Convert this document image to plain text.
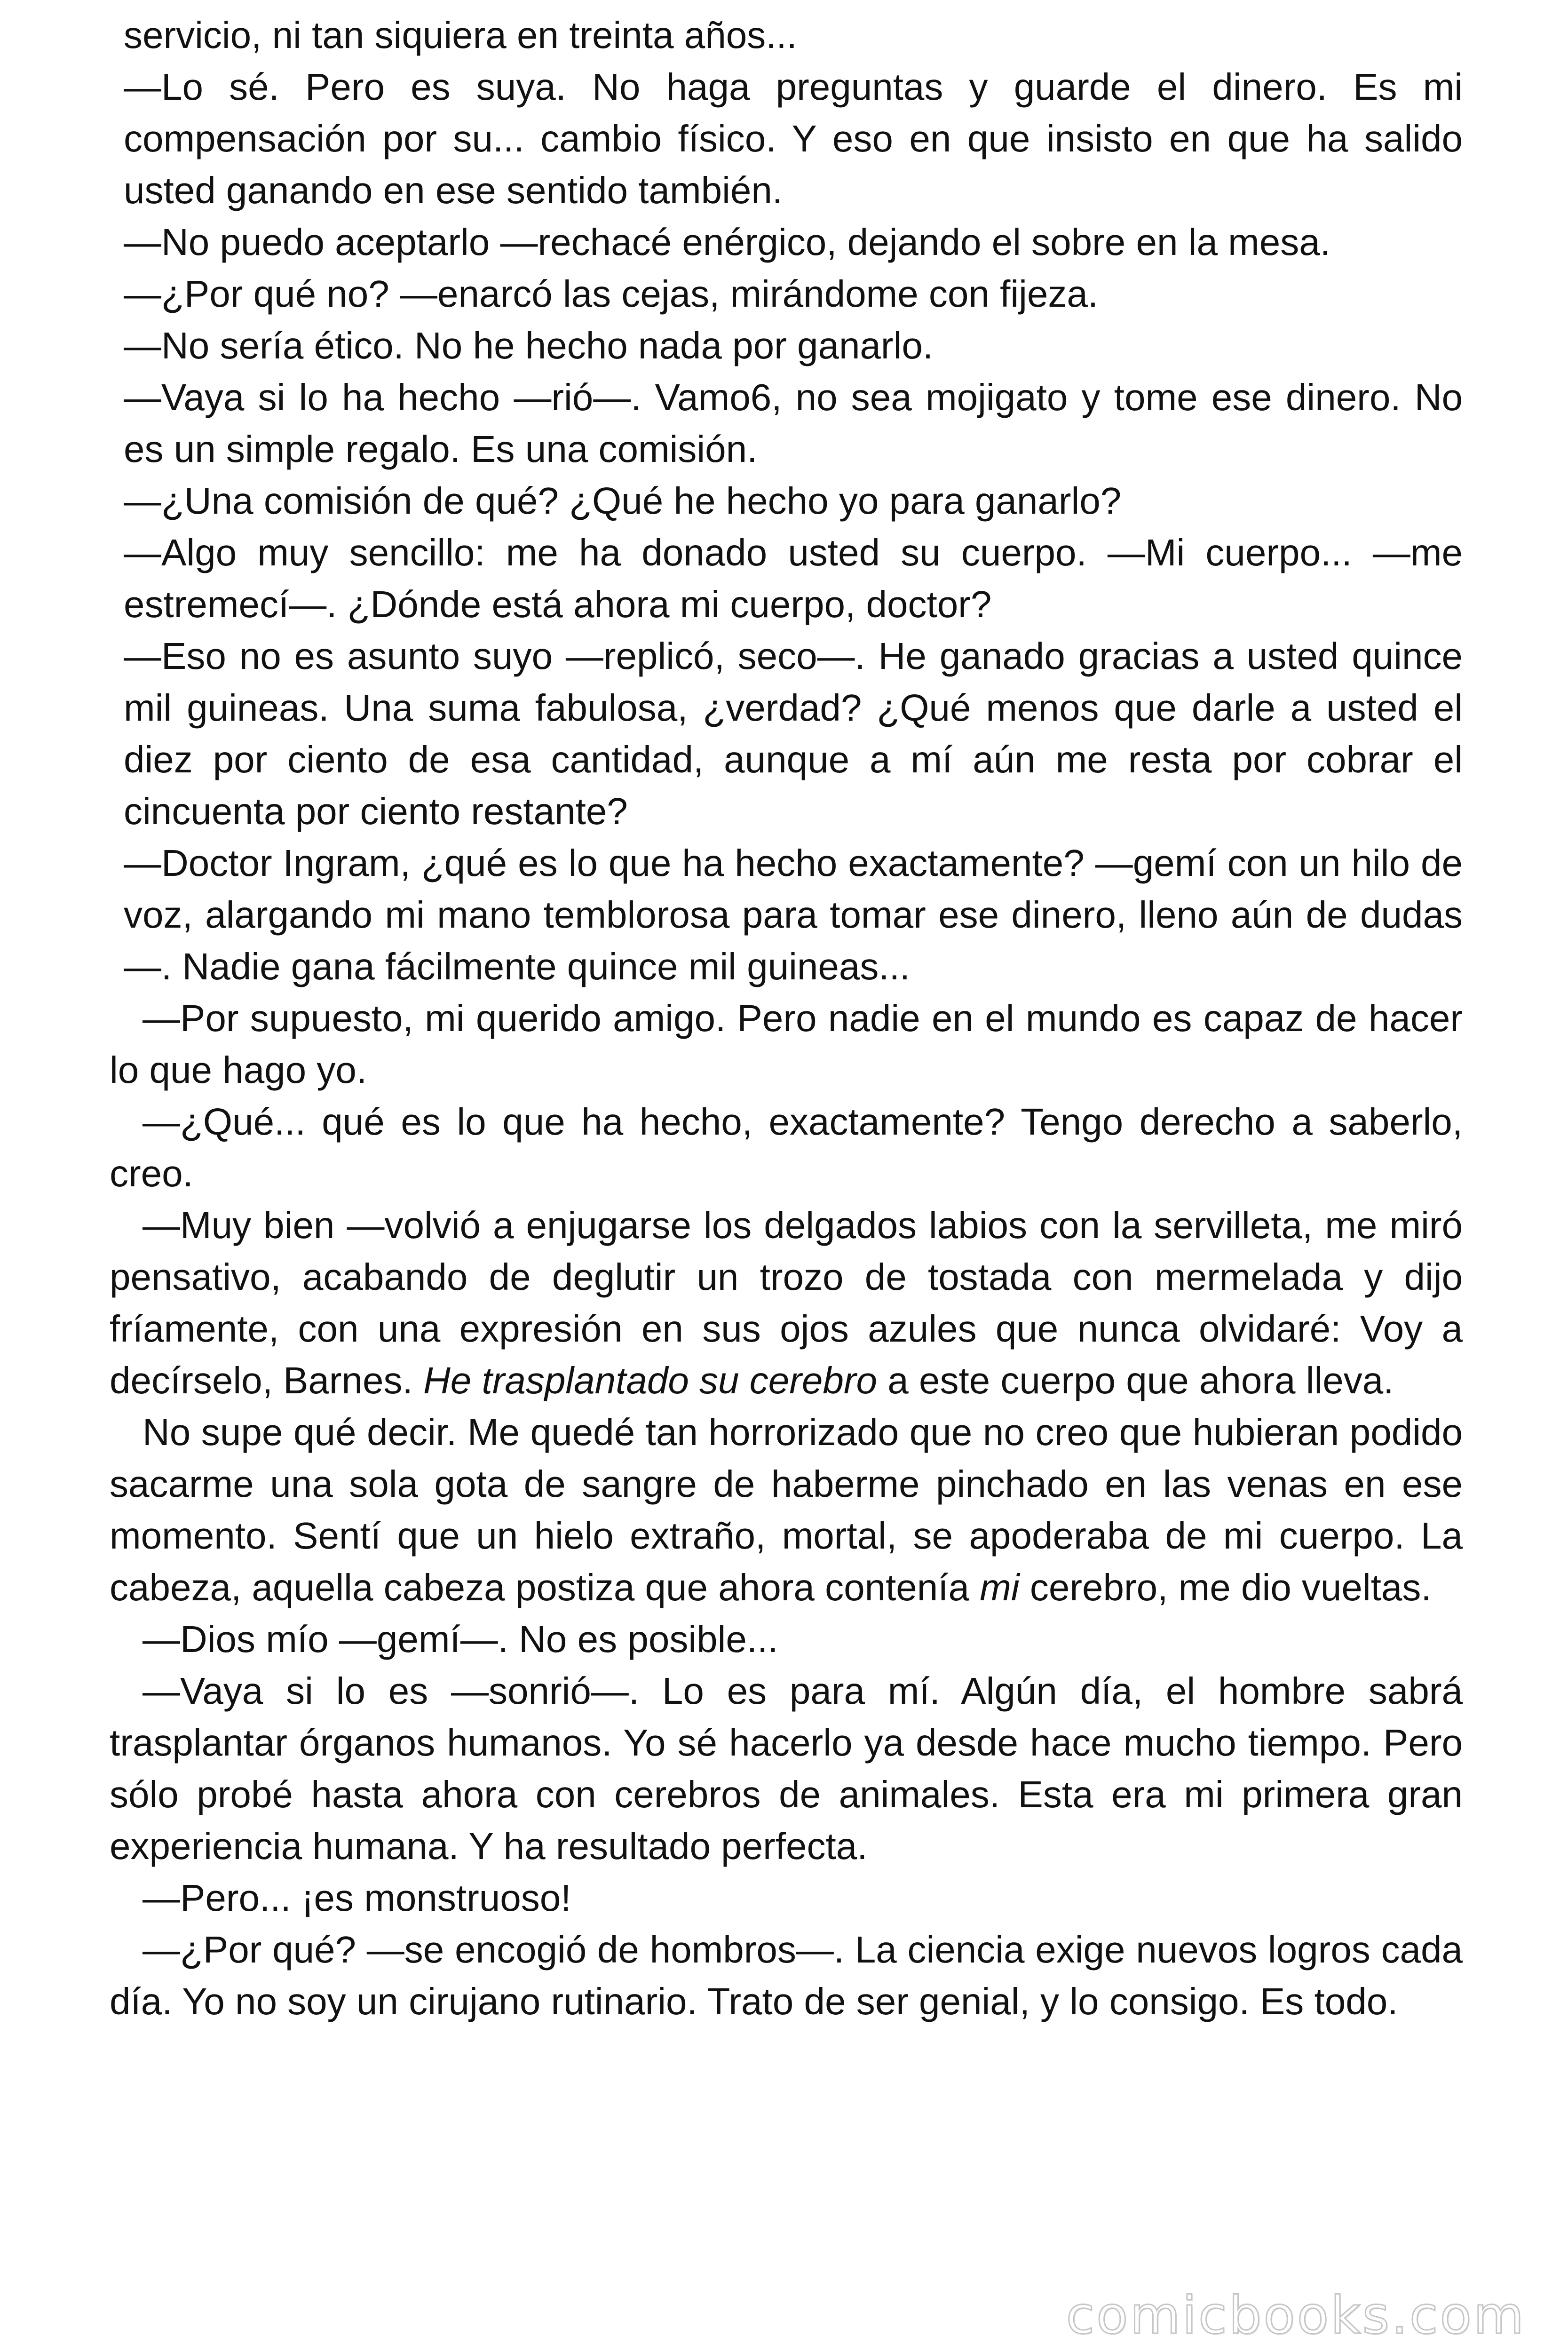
servicio, ni tan siquiera en treinta años...

—Lo sé. Pero es suya. No haga preguntas y guarde el dinero. Es mi compensación por su... cambio físico. Y eso en que insisto en que ha salido usted ganando en ese sentido también.

—No puedo aceptarlo —rechacé enérgico, dejando el sobre en la mesa.

—¿Por qué no? —enarcó las cejas, mirándome con fijeza.

—No sería ético. No he hecho nada por ganarlo.

—Vaya si lo ha hecho —rió—. Vamo6, no sea mojigato y tome ese dinero. No es un simple regalo. Es una comisión.

—¿Una comisión de qué? ¿Qué he hecho yo para ganarlo?

—Algo muy sencillo: me ha donado usted su cuerpo. —Mi cuerpo... —me estremecí—. ¿Dónde está ahora mi cuerpo, doctor?

—Eso no es asunto suyo —replicó, seco—. He ganado gracias a usted quince mil guineas. Una suma fabulosa, ¿verdad? ¿Qué menos que darle a usted el diez por ciento de esa cantidad, aunque a mí aún me resta por cobrar el cincuenta por ciento restante?

—Doctor Ingram, ¿qué es lo que ha hecho exactamente? —gemí con un hilo de voz, alargando mi mano temblorosa para tomar ese dinero, lleno aún de dudas—. Nadie gana fácilmente quince mil guineas...

—Por supuesto, mi querido amigo. Pero nadie en el mundo es capaz de hacer lo que hago yo.

—¿Qué... qué es lo que ha hecho, exactamente? Tengo derecho a saberlo, creo.

—Muy bien —volvió a enjugarse los delgados labios con la servilleta, me miró pensativo, acabando de deglutir un trozo de tostada con mermelada y dijo fríamente, con una expresión en sus ojos azules que nunca olvidaré: Voy a decírselo, Barnes. He trasplantado su cerebro a este cuerpo que ahora lleva.

No supe qué decir. Me quedé tan horrorizado que no creo que hubieran podido sacarme una sola gota de sangre de haberme pinchado en las venas en ese momento. Sentí que un hielo extraño, mortal, se apoderaba de mi cuerpo. La cabeza, aquella cabeza postiza que ahora contenía mi cerebro, me dio vueltas.

—Dios mío —gemí—. No es posible...

—Vaya si lo es —sonrió—. Lo es para mí. Algún día, el hombre sabrá trasplantar órganos humanos. Yo sé hacerlo ya desde hace mucho tiempo. Pero sólo probé hasta ahora con cerebros de animales. Esta era mi primera gran experiencia humana. Y ha resultado perfecta.

—Pero... ¡es monstruoso!

—¿Por qué? —se encogió de hombros—. La ciencia exige nuevos logros cada día. Yo no soy un cirujano rutinario. Trato de ser genial, y lo consigo. Es todo.

comicbooks.com
